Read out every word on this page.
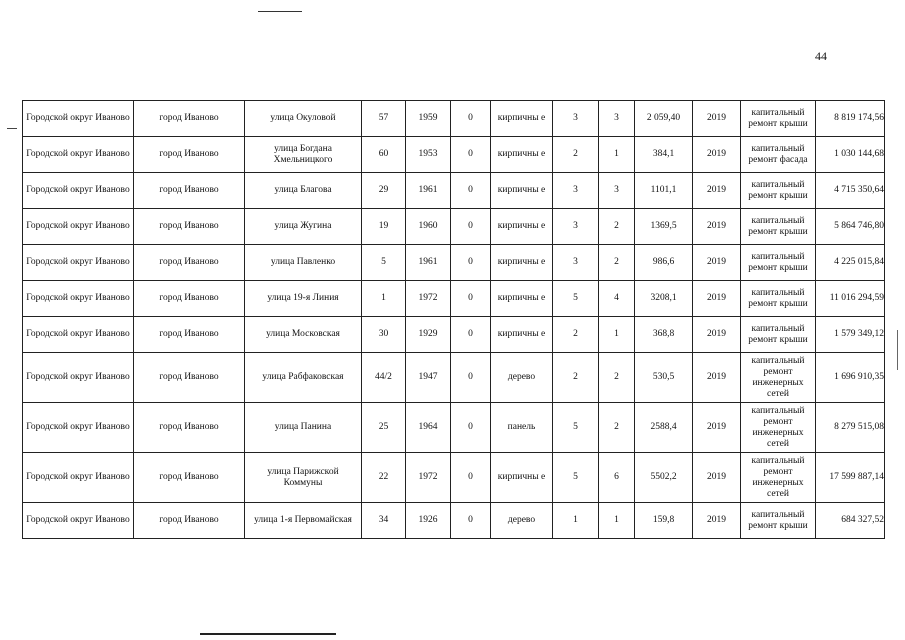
44
Городской округ Иваново	город Иваново	улица Окуловой	57	1959	0	кирпичны е	3	3	2 059,40	2019	капитальный ремонт крыши	8 819 174,56
Городской округ Иваново	город Иваново	улица Богдана Хмельницкого	60	1953	0	кирпичны е	2	1	384,1	2019	капитальный ремонт фасада	1 030 144,68
Городской округ Иваново	город Иваново	улица Благова	29	1961	0	кирпичны е	3	3	1101,1	2019	капитальный ремонт крыши	4 715 350,64
Городской округ Иваново	город Иваново	улица Жугина	19	1960	0	кирпичны е	3	2	1369,5	2019	капитальный ремонт крыши	5 864 746,80
Городской округ Иваново	город Иваново	улица Павленко	5	1961	0	кирпичны е	3	2	986,6	2019	капитальный ремонт крыши	4 225 015,84
Городской округ Иваново	город Иваново	улица 19-я Линия	1	1972	0	кирпичны е	5	4	3208,1	2019	капитальный ремонт крыши	11 016 294,59
Городской округ Иваново	город Иваново	улица Московская	30	1929	0	кирпичны е	2	1	368,8	2019	капитальный ремонт крыши	1 579 349,12
Городской округ Иваново	город Иваново	улица Рабфаковская	44/2	1947	0	дерево	2	2	530,5	2019	капитальный ремонт инженерных сетей	1 696 910,35
Городской округ Иваново	город Иваново	улица Панина	25	1964	0	панель	5	2	2588,4	2019	капитальный ремонт инженерных сетей	8 279 515,08
Городской округ Иваново	город Иваново	улица Парижской Коммуны	22	1972	0	кирпичны е	5	6	5502,2	2019	капитальный ремонт инженерных сетей	17 599 887,14
Городской округ Иваново	город Иваново	улица 1-я Первомайская	34	1926	0	дерево	1	1	159,8	2019	капитальный ремонт крыши	684 327,52
